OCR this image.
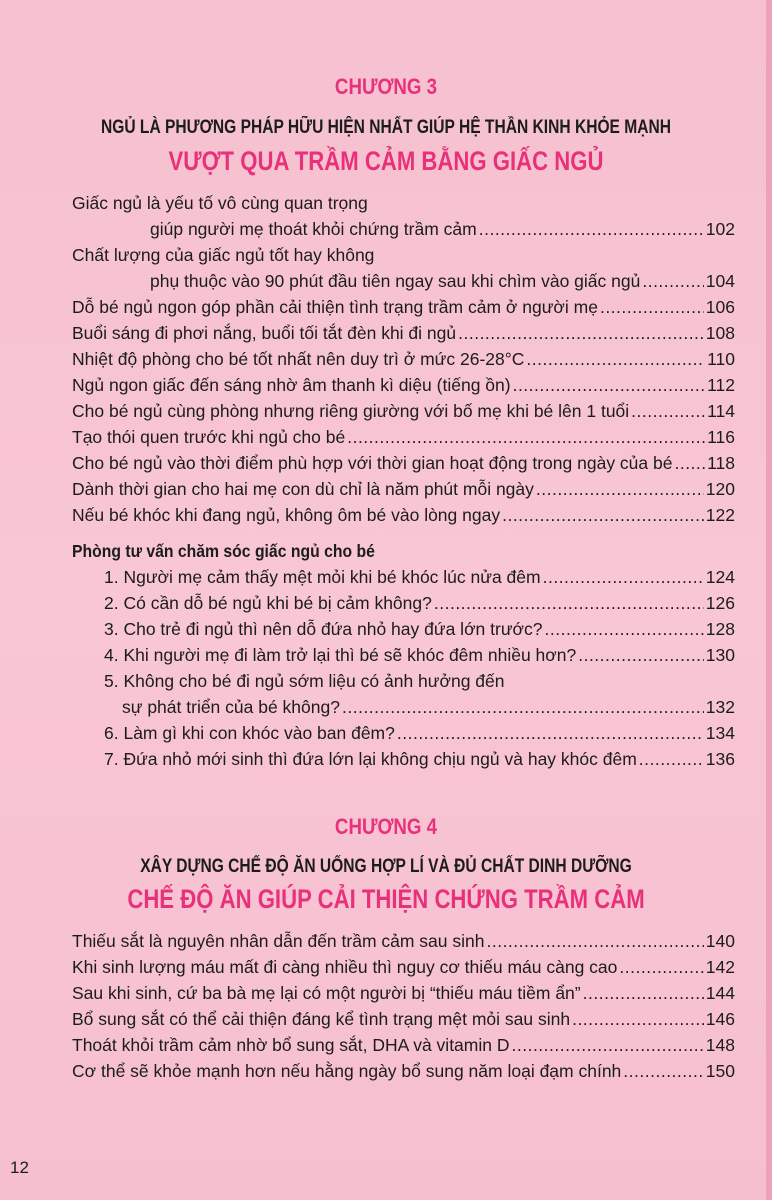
CHƯƠNG 3
NGỦ LÀ PHƯƠNG PHÁP HỮU HIỆN NHẤT GIÚP HỆ THẦN KINH KHỎE MẠNH
VƯỢT QUA TRẦM CẢM BẰNG GIẤC NGỦ
Giấc ngủ là yếu tố vô cùng quan trọng
giúp người mẹ thoát khỏi chứng trầm cảm .....	102
Chất lượng của giấc ngủ tốt hay không
phụ thuộc vào 90 phút đầu tiên ngay sau khi chìm vào giấc ngủ .....	104
Dỗ bé ngủ ngon góp phần cải thiện tình trạng trầm cảm ở người mẹ .....	106
Buổi sáng đi phơi nắng, buổi tối tắt đèn khi đi ngủ .....	108
Nhiệt độ phòng cho bé tốt nhất nên duy trì ở mức 26-28°C .....	110
Ngủ ngon giấc đến sáng nhờ âm thanh kì diệu (tiếng ồn) .....	112
Cho bé ngủ cùng phòng nhưng riêng giường với bố mẹ khi bé lên 1 tuổi .....	114
Tạo thói quen trước khi ngủ cho bé .....	116
Cho bé ngủ vào thời điểm phù hợp với thời gian hoạt động trong ngày của bé ..... 118
Dành thời gian cho hai mẹ con dù chỉ là năm phút mỗi ngày .....	120
Nếu bé khóc khi đang ngủ, không ôm bé vào lòng ngay .....	122
Phòng tư vấn chăm sóc giấc ngủ cho bé
1. Người mẹ cảm thấy mệt mỏi khi bé khóc lúc nửa đêm .....	124
2. Có cần dỗ bé ngủ khi bé bị cảm không? .....	126
3. Cho trẻ đi ngủ thì nên dỗ đứa nhỏ hay đứa lớn trước? .....	128
4. Khi người mẹ đi làm trở lại thì bé sẽ khóc đêm nhiều hơn? .....	130
5. Không cho bé đi ngủ sớm liệu có ảnh hưởng đến
sự phát triển của bé không? .....	132
6. Làm gì khi con khóc vào ban đêm? .....	134
7. Đứa nhỏ mới sinh thì đứa lớn lại không chịu ngủ và hay khóc đêm .....	136
CHƯƠNG 4
XÂY DỰNG CHẾ ĐỘ ĂN UỐNG HỢP LÍ VÀ ĐỦ CHẤT DINH DƯỠNG
CHẾ ĐỘ ĂN GIÚP CẢI THIỆN CHỨNG TRẦM CẢM
Thiếu sắt là nguyên nhân dẫn đến trầm cảm sau sinh .....	140
Khi sinh lượng máu mất đi càng nhiều thì nguy cơ thiếu máu càng cao .....	142
Sau khi sinh, cứ ba bà mẹ lại có một người bị “thiếu máu tiềm ẩn” .....	144
Bổ sung sắt có thể cải thiện đáng kể tình trạng mệt mỏi sau sinh .....	146
Thoát khỏi trầm cảm nhờ bổ sung sắt, DHA và vitamin D .....	148
Cơ thể sẽ khỏe mạnh hơn nếu hằng ngày bổ sung năm loại đạm chính .....	150
12
